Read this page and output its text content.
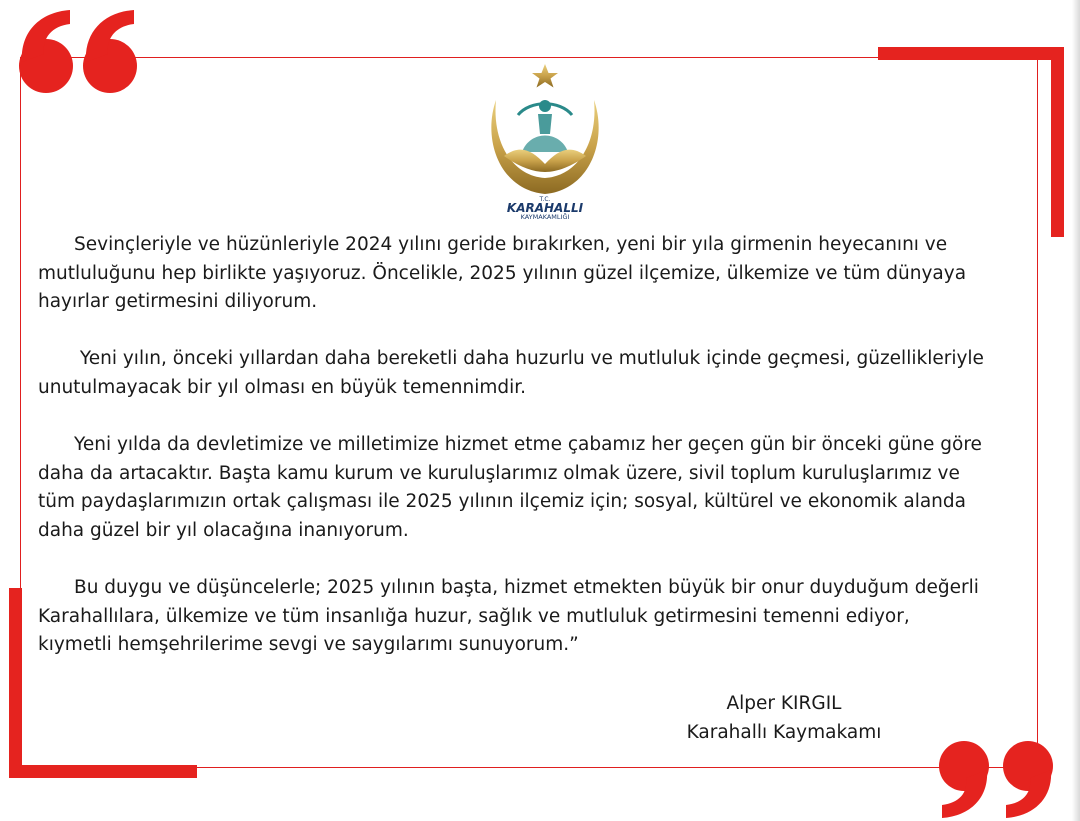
T.C.
KARAHALLI
KAYMAKAMLIĞI

Sevinçleriyle ve hüzünleriyle 2024 yılını geride bırakırken, yeni bir yıla girmenin heyecanını ve
mutluluğunu hep birlikte yaşıyoruz. Öncelikle, 2025 yılının güzel ilçemize, ülkemize ve tüm dünyaya
hayırlar getirmesini diliyorum.

Yeni yılın, önceki yıllardan daha bereketli daha huzurlu ve mutluluk içinde geçmesi, güzellikleriyle
unutulmayacak bir yıl olması en büyük temennimdir.

Yeni yılda da devletimize ve milletimize hizmet etme çabamız her geçen gün bir önceki güne göre
daha da artacaktır. Başta kamu kurum ve kuruluşlarımız olmak üzere, sivil toplum kuruluşlarımız ve
tüm paydaşlarımızın ortak çalışması ile 2025 yılının ilçemiz için; sosyal, kültürel ve ekonomik alanda
daha güzel bir yıl olacağına inanıyorum.

Bu duygu ve düşüncelerle; 2025 yılının başta, hizmet etmekten büyük bir onur duyduğum değerli
Karahallılara, ülkemize ve tüm insanlığa huzur, sağlık ve mutluluk getirmesini temenni ediyor,
kıymetli hemşehrilerime sevgi ve saygılarımı sunuyorum.”

Alper KIRGIL
Karahallı Kaymakamı
